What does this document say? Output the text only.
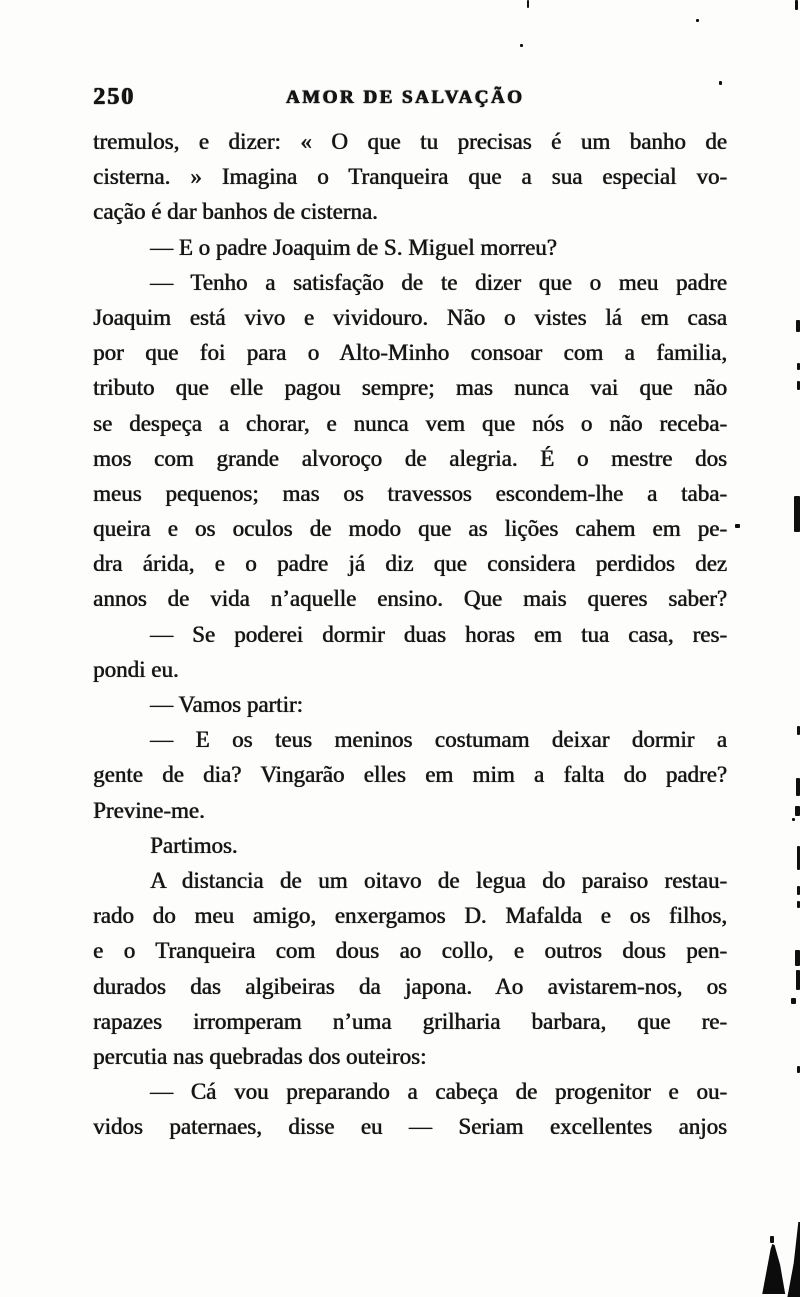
250	AMOR DE SALVAÇÃO
tremulos, e dizer: « O que tu precisas é um banho de
cisterna. » Imagina o Tranqueira que a sua especial vo-
cação é dar banhos de cisterna.
— E o padre Joaquim de S. Miguel morreu?
— Tenho a satisfação de te dizer que o meu padre
Joaquim está vivo e vividouro. Não o vistes lá em casa
por que foi para o Alto-Minho consoar com a familia,
tributo que elle pagou sempre; mas nunca vai que não
se despeça a chorar, e nunca vem que nós o não receba-
mos com grande alvoroço de alegria. É o mestre dos
meus pequenos; mas os travessos escondem-lhe a taba-
queira e os oculos de modo que as lições cahem em pe-
dra árida, e o padre já diz que considera perdidos dez
annos de vida n’aquelle ensino. Que mais queres saber?
— Se poderei dormir duas horas em tua casa, res-
pondi eu.
— Vamos partir:
— E os teus meninos costumam deixar dormir a
gente de dia? Vingarão elles em mim a falta do padre?
Previne-me.
Partimos.
A distancia de um oitavo de legua do paraiso restau-
rado do meu amigo, enxergamos D. Mafalda e os filhos,
e o Tranqueira com dous ao collo, e outros dous pen-
durados das algibeiras da japona. Ao avistarem-nos, os
rapazes irromperam n’uma grilharia barbara, que re-
percutia nas quebradas dos outeiros:
— Cá vou preparando a cabeça de progenitor e ou-
vidos paternaes, disse eu — Seriam excellentes anjos
